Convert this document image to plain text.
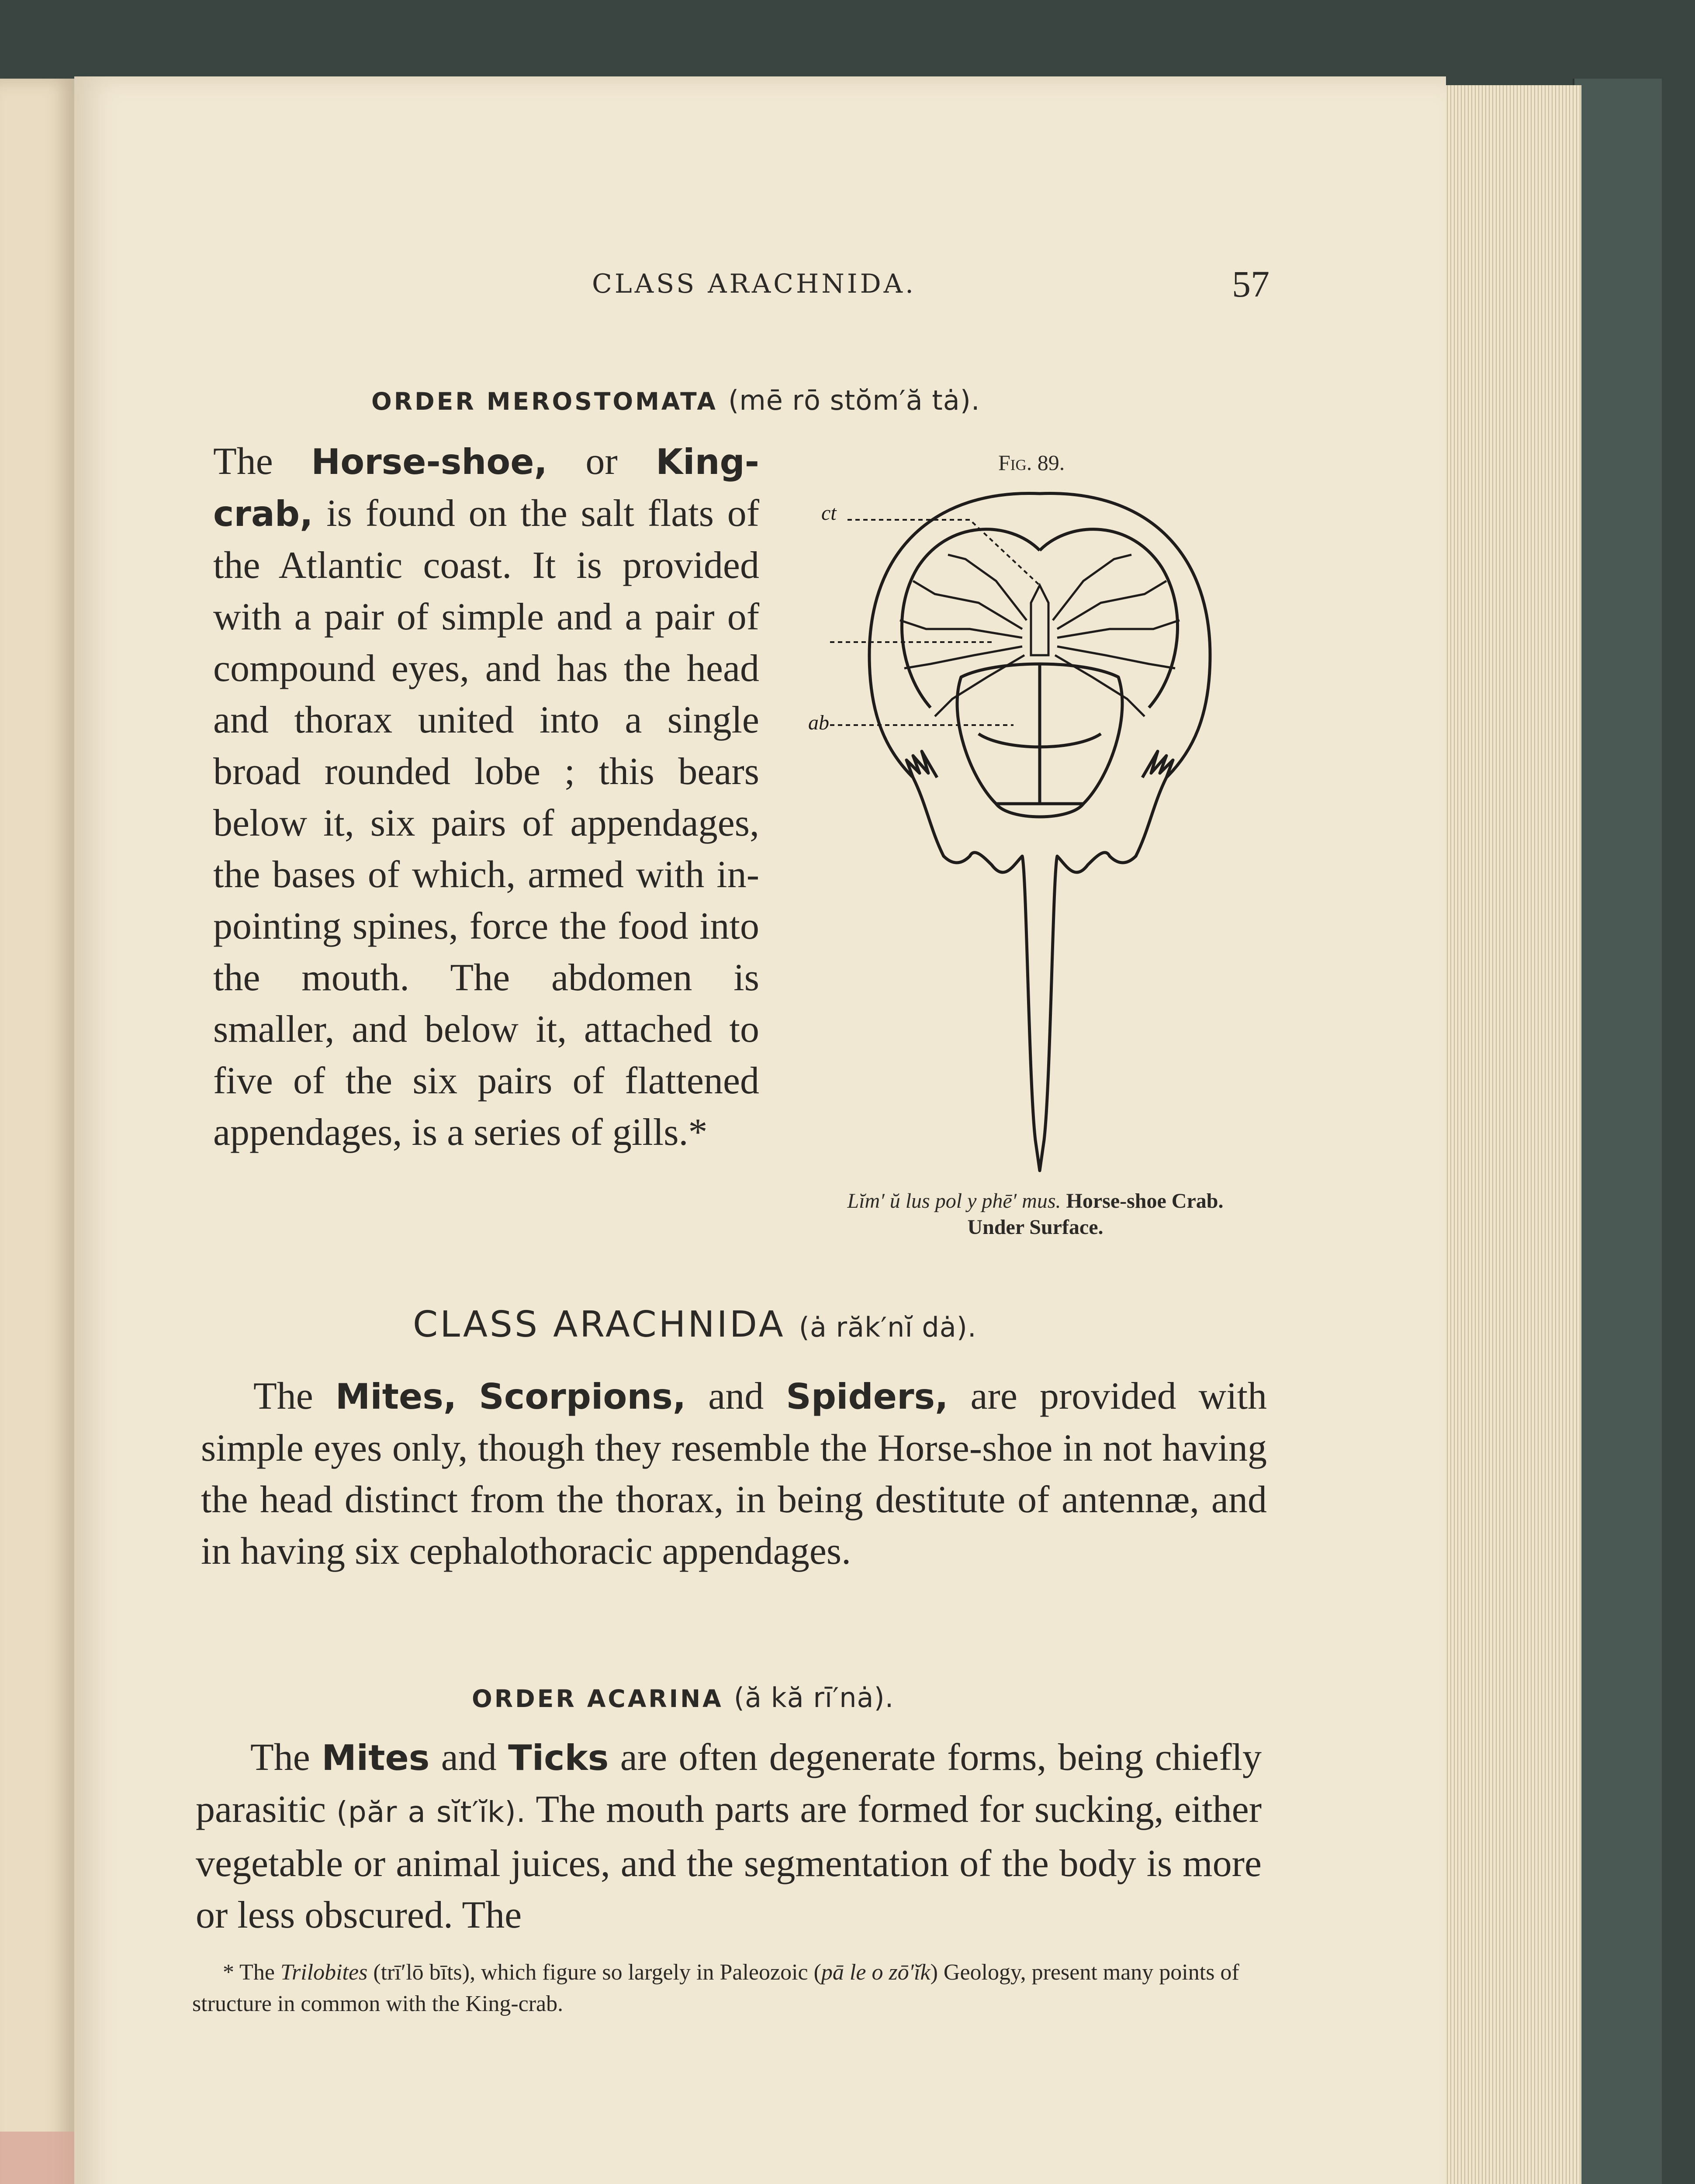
CLASS ARACHNIDA.	57
ORDER MEROSTOMATA (mē rō stŏm′ă tȧ).
The Horse-shoe, or King-crab, is found on the salt flats of the Atlantic coast. It is provided with a pair of simple and a pair of compound eyes, and has the head and thorax united into a single broad rounded lobe ; this bears below it, six pairs of appendages, the bases of which, armed with in-pointing spines, force the food into the mouth. The abdomen is smaller, and below it, attached to five of the six pairs of flattened appendages, is a series of gills.*
Fig. 89.
ct
ab
Lĭm′ ŭ lus pol y phē′ mus. Horse-shoe Crab.
Under Surface.
CLASS ARACHNIDA (ȧ răk′nĭ dȧ).
The Mites, Scorpions, and Spiders, are provided with simple eyes only, though they resemble the Horse-shoe in not having the head distinct from the thorax, in being destitute of antennæ, and in having six cephalothoracic appendages.
ORDER ACARINA (ă kă rī′nȧ).
The Mites and Ticks are often degenerate forms, being chiefly parasitic (păr a sĭt′ĭk). The mouth parts are formed for sucking, either vegetable or animal juices, and the segmentation of the body is more or less obscured. The
* The Trilobites (trī′lō bīts), which figure so largely in Paleozoic (pā le o zō′ĭk) Geology, present many points of structure in common with the King-crab.
